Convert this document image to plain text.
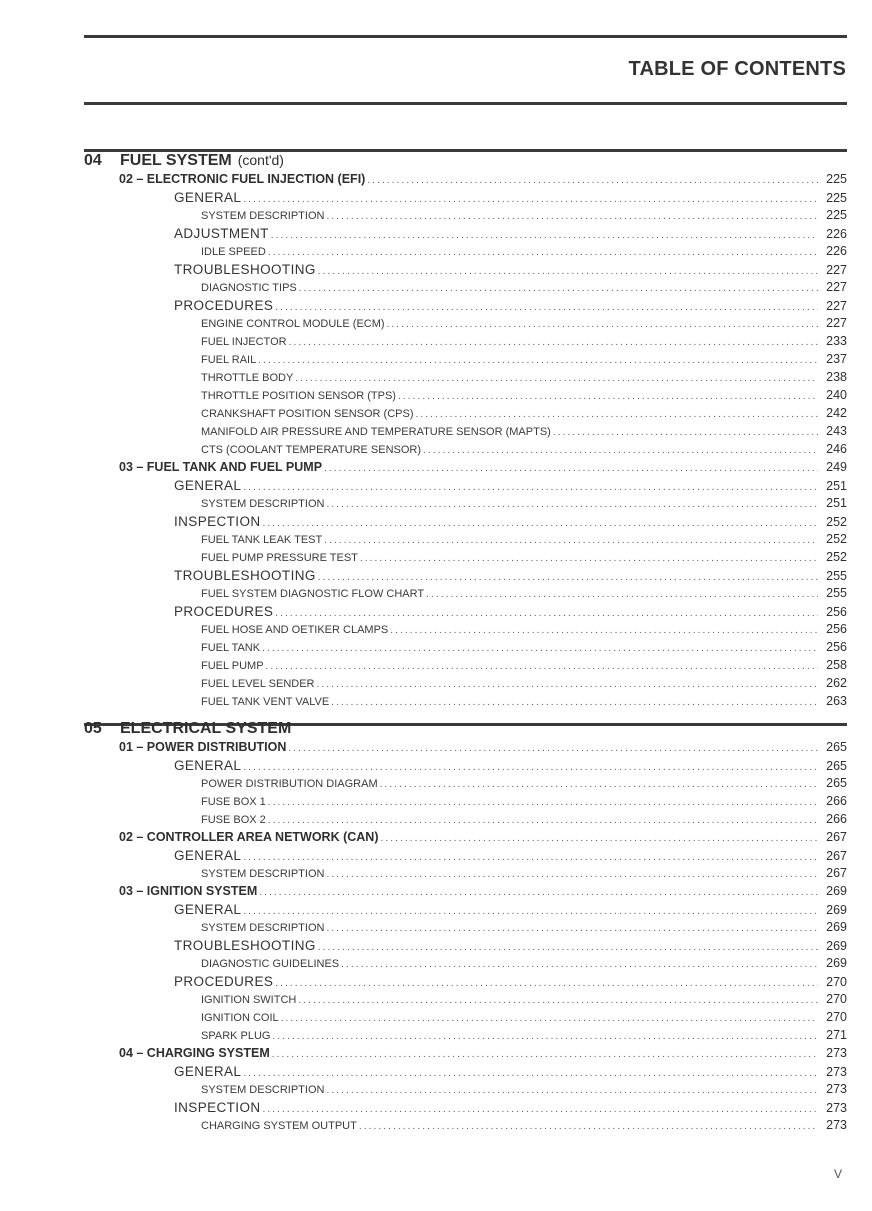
TABLE OF CONTENTS
04	FUEL SYSTEM (cont'd)
02 – ELECTRONIC FUEL INJECTION (EFI) .....	225
GENERAL .....	225
SYSTEM DESCRIPTION .....	225
ADJUSTMENT .....	226
IDLE SPEED .....	226
TROUBLESHOOTING .....	227
DIAGNOSTIC TIPS .....	227
PROCEDURES .....	227
ENGINE CONTROL MODULE (ECM) .....	227
FUEL INJECTOR .....	233
FUEL RAIL .....	237
THROTTLE BODY .....	238
THROTTLE POSITION SENSOR (TPS) .....	240
CRANKSHAFT POSITION SENSOR (CPS) .....	242
MANIFOLD AIR PRESSURE AND TEMPERATURE SENSOR (MAPTS) .....	243
CTS (COOLANT TEMPERATURE SENSOR) .....	246
03 – FUEL TANK AND FUEL PUMP .....	249
GENERAL .....	251
SYSTEM DESCRIPTION .....	251
INSPECTION .....	252
FUEL TANK LEAK TEST .....	252
FUEL PUMP PRESSURE TEST .....	252
TROUBLESHOOTING .....	255
FUEL SYSTEM DIAGNOSTIC FLOW CHART .....	255
PROCEDURES .....	256
FUEL HOSE AND OETIKER CLAMPS .....	256
FUEL TANK .....	256
FUEL PUMP .....	258
FUEL LEVEL SENDER .....	262
FUEL TANK VENT VALVE .....	263
05	ELECTRICAL SYSTEM
01 – POWER DISTRIBUTION .....	265
GENERAL .....	265
POWER DISTRIBUTION DIAGRAM .....	265
FUSE BOX 1 .....	266
FUSE BOX 2 .....	266
02 – CONTROLLER AREA NETWORK (CAN) .....	267
GENERAL .....	267
SYSTEM DESCRIPTION .....	267
03 – IGNITION SYSTEM .....	269
GENERAL .....	269
SYSTEM DESCRIPTION .....	269
TROUBLESHOOTING .....	269
DIAGNOSTIC GUIDELINES .....	269
PROCEDURES .....	270
IGNITION SWITCH .....	270
IGNITION COIL .....	270
SPARK PLUG .....	271
04 – CHARGING SYSTEM .....	273
GENERAL .....	273
SYSTEM DESCRIPTION .....	273
INSPECTION .....	273
CHARGING SYSTEM OUTPUT .....	273
V
